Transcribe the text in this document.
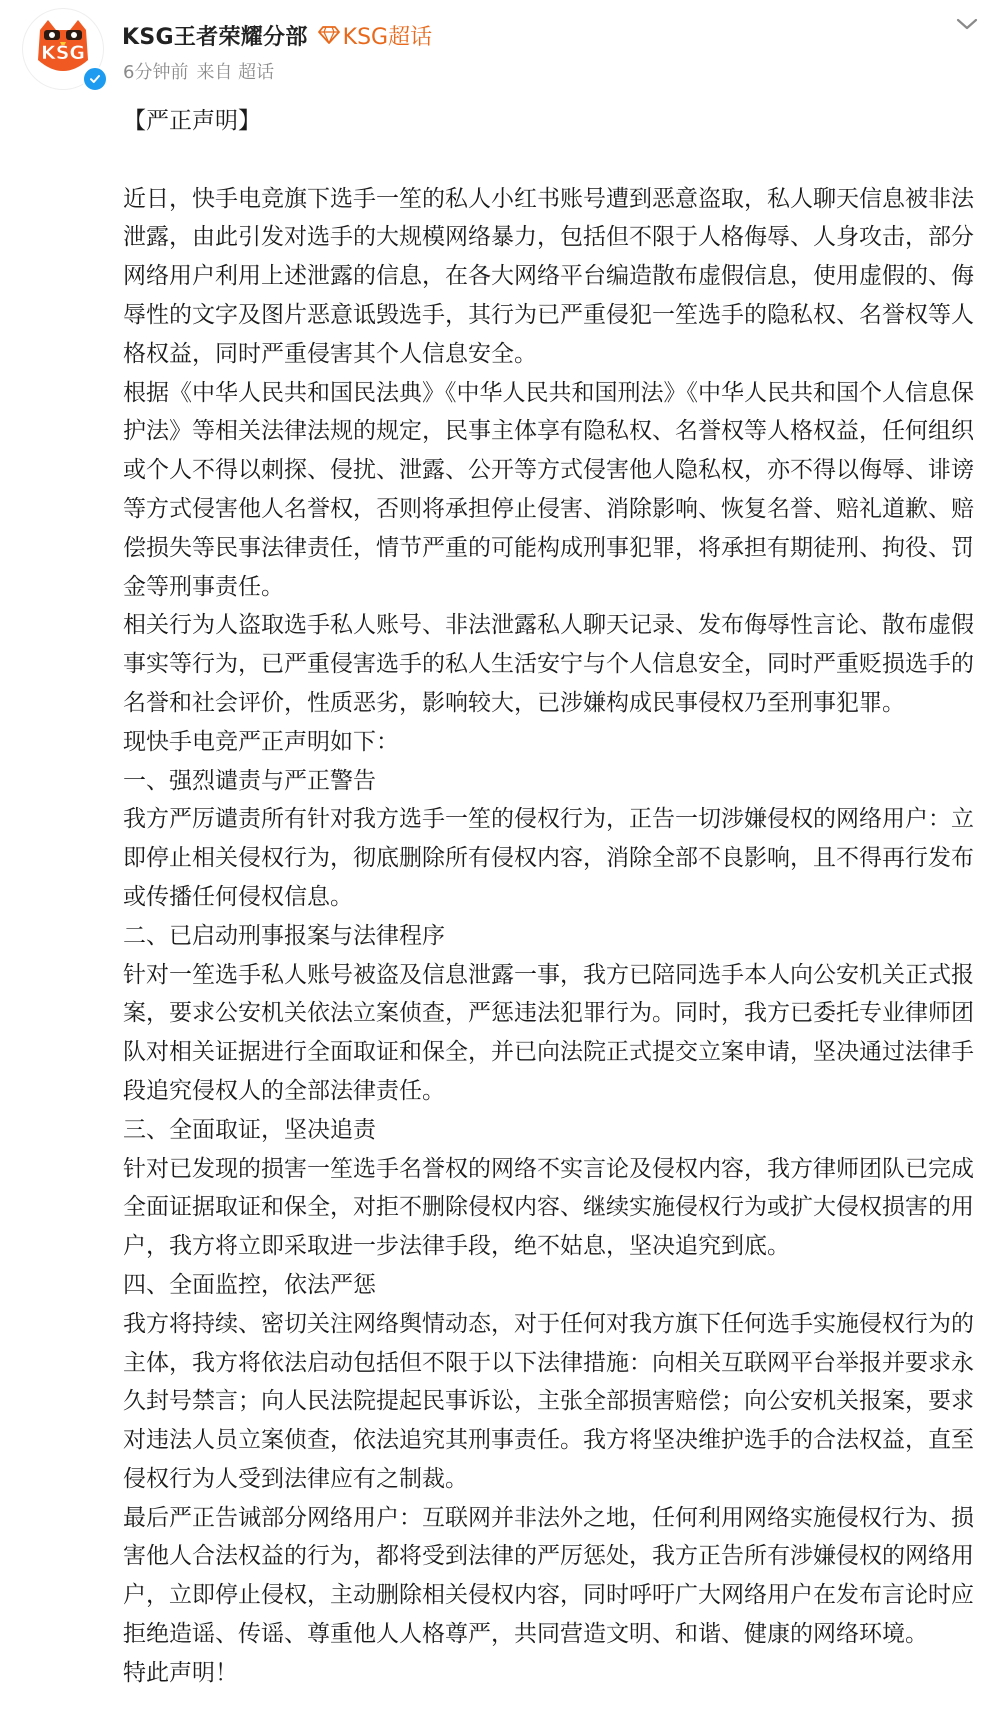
KSG
KSG王者荣耀分部 KSG超话
6分钟前 来自 超话

【严正声明】

近日，快手电竞旗下选手一笙的私人小红书账号遭到恶意盗取，私人聊天信息被非法泄露，由此引发对选手的大规模网络暴力，包括但不限于人格侮辱、人身攻击，部分网络用户利用上述泄露的信息，在各大网络平台编造散布虚假信息，使用虚假的、侮辱性的文字及图片恶意诋毁选手，其行为已严重侵犯一笙选手的隐私权、名誉权等人格权益，同时严重侵害其个人信息安全。

根据《中华人民共和国民法典》《中华人民共和国刑法》《中华人民共和国个人信息保护法》等相关法律法规的规定，民事主体享有隐私权、名誉权等人格权益，任何组织或个人不得以刺探、侵扰、泄露、公开等方式侵害他人隐私权，亦不得以侮辱、诽谤等方式侵害他人名誉权，否则将承担停止侵害、消除影响、恢复名誉、赔礼道歉、赔偿损失等民事法律责任，情节严重的可能构成刑事犯罪，将承担有期徒刑、拘役、罚金等刑事责任。

相关行为人盗取选手私人账号、非法泄露私人聊天记录、发布侮辱性言论、散布虚假事实等行为，已严重侵害选手的私人生活安宁与个人信息安全，同时严重贬损选手的名誉和社会评价，性质恶劣，影响较大，已涉嫌构成民事侵权乃至刑事犯罪。

现快手电竞严正声明如下：

一、强烈谴责与严正警告

我方严厉谴责所有针对我方选手一笙的侵权行为，正告一切涉嫌侵权的网络用户：立即停止相关侵权行为，彻底删除所有侵权内容，消除全部不良影响，且不得再行发布或传播任何侵权信息。

二、已启动刑事报案与法律程序

针对一笙选手私人账号被盗及信息泄露一事，我方已陪同选手本人向公安机关正式报案，要求公安机关依法立案侦查，严惩违法犯罪行为。同时，我方已委托专业律师团队对相关证据进行全面取证和保全，并已向法院正式提交立案申请，坚决通过法律手段追究侵权人的全部法律责任。

三、全面取证，坚决追责

针对已发现的损害一笙选手名誉权的网络不实言论及侵权内容，我方律师团队已完成全面证据取证和保全，对拒不删除侵权内容、继续实施侵权行为或扩大侵权损害的用户，我方将立即采取进一步法律手段，绝不姑息，坚决追究到底。

四、全面监控，依法严惩

我方将持续、密切关注网络舆情动态，对于任何对我方旗下任何选手实施侵权行为的主体，我方将依法启动包括但不限于以下法律措施：向相关互联网平台举报并要求永久封号禁言；向人民法院提起民事诉讼，主张全部损害赔偿；向公安机关报案，要求对违法人员立案侦查，依法追究其刑事责任。我方将坚决维护选手的合法权益，直至侵权行为人受到法律应有之制裁。

最后严正告诫部分网络用户：互联网并非法外之地，任何利用网络实施侵权行为、损害他人合法权益的行为，都将受到法律的严厉惩处，我方正告所有涉嫌侵权的网络用户，立即停止侵权，主动删除相关侵权内容，同时呼吁广大网络用户在发布言论时应拒绝造谣、传谣、尊重他人人格尊严，共同营造文明、和谐、健康的网络环境。

特此声明！
